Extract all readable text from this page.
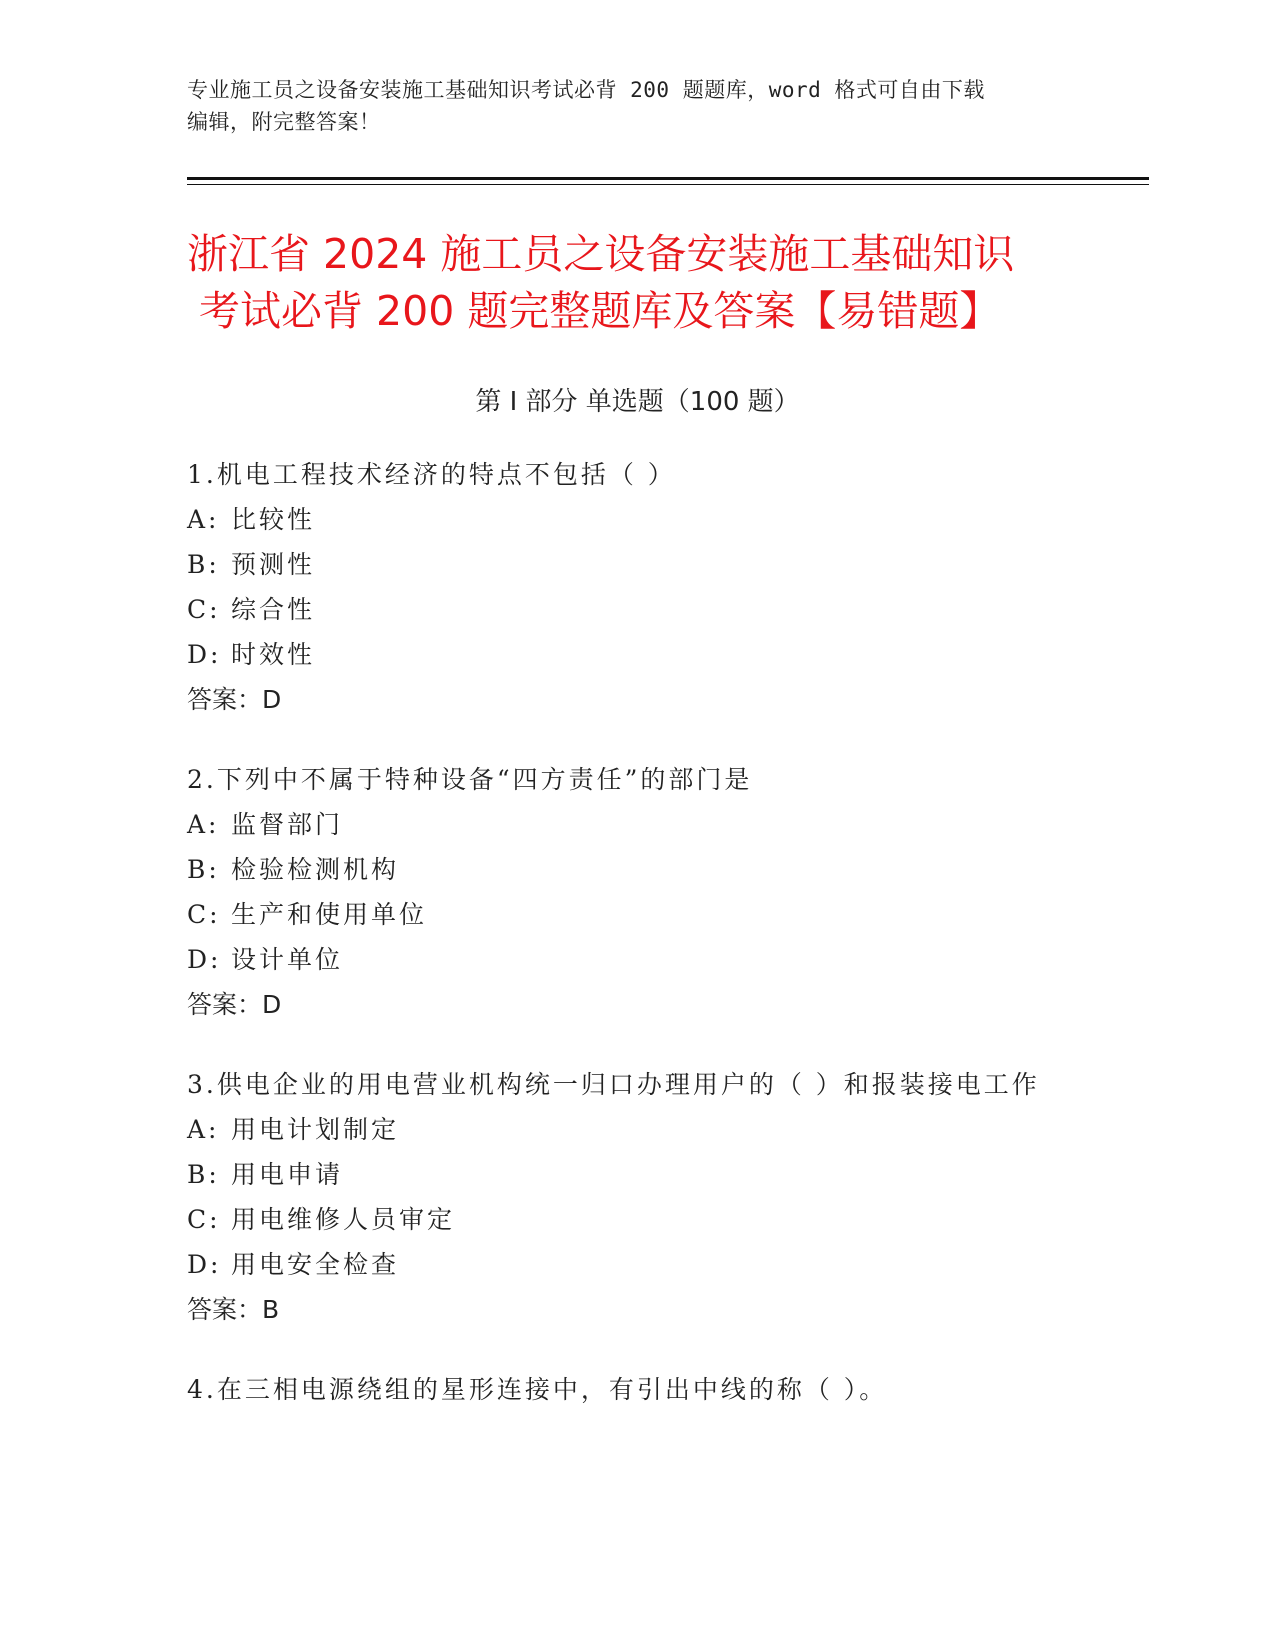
专业施工员之设备安装施工基础知识考试必背 200 题题库，word 格式可自由下载
编辑，附完整答案！
浙江省 2024 施工员之设备安装施工基础知识
考试必背 200 题完整题库及答案【易错题】
第 I 部分 单选题（100 题）
1.机电工程技术经济的特点不包括（ ）
A: 比较性
B: 预测性
C: 综合性
D: 时效性
答案：D
2.下列中不属于特种设备“四方责任”的部门是
A: 监督部门
B: 检验检测机构
C: 生产和使用单位
D: 设计单位
答案：D
3.供电企业的用电营业机构统一归口办理用户的（ ）和报装接电工作
A: 用电计划制定
B: 用电申请
C: 用电维修人员审定
D: 用电安全检查
答案：B
4.在三相电源绕组的星形连接中，有引出中线的称（ ）。
